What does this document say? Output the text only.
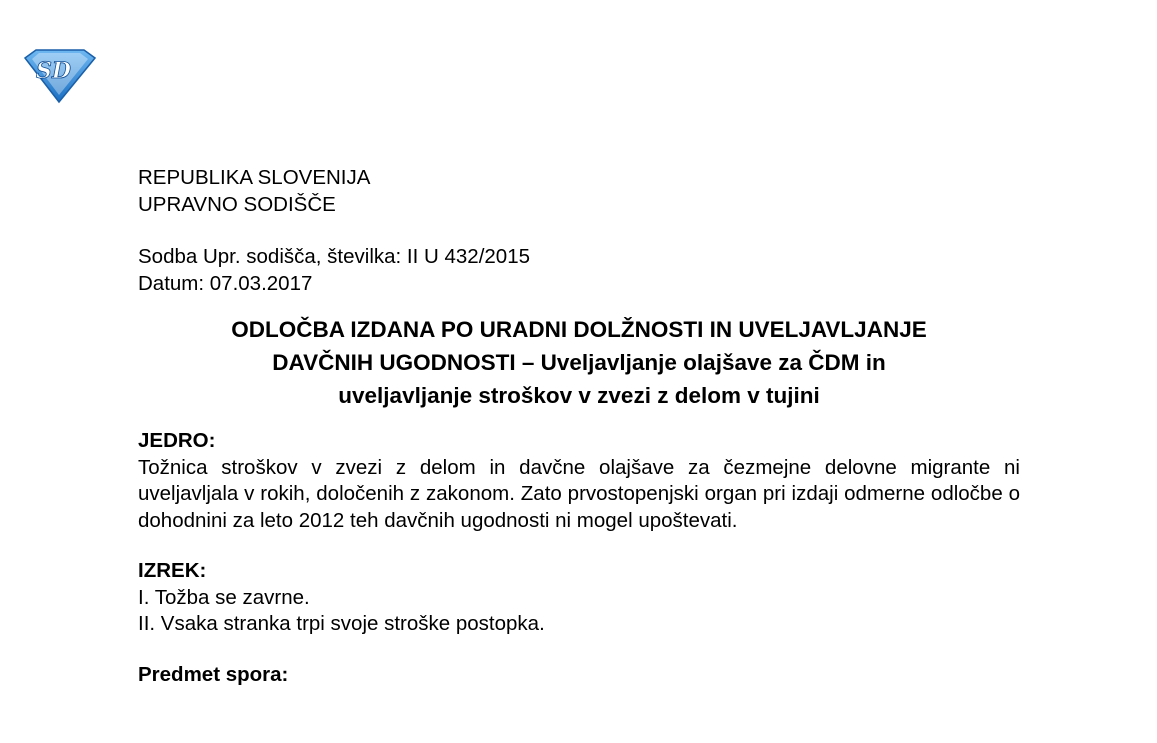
SD
REPUBLIKA SLOVENIJA
UPRAVNO SODIŠČE
Sodba Upr. sodišča, številka: II U 432/2015
Datum: 07.03.2017
ODLOČBA IZDANA PO URADNI DOLŽNOSTI IN UVELJAVLJANJE
DAVČNIH UGODNOSTI – Uveljavljanje olajšave za ČDM in
uveljavljanje stroškov v zvezi z delom v tujini
JEDRO:
Tožnica stroškov v zvezi z delom in davčne olajšave za čezmejne delovne migrante ni uveljavljala v rokih, določenih z zakonom. Zato prvostopenjski organ pri izdaji odmerne odločbe o dohodnini za leto 2012 teh davčnih ugodnosti ni mogel upoštevati.
IZREK:
I. Tožba se zavrne.
II. Vsaka stranka trpi svoje stroške postopka.
Predmet spora:
